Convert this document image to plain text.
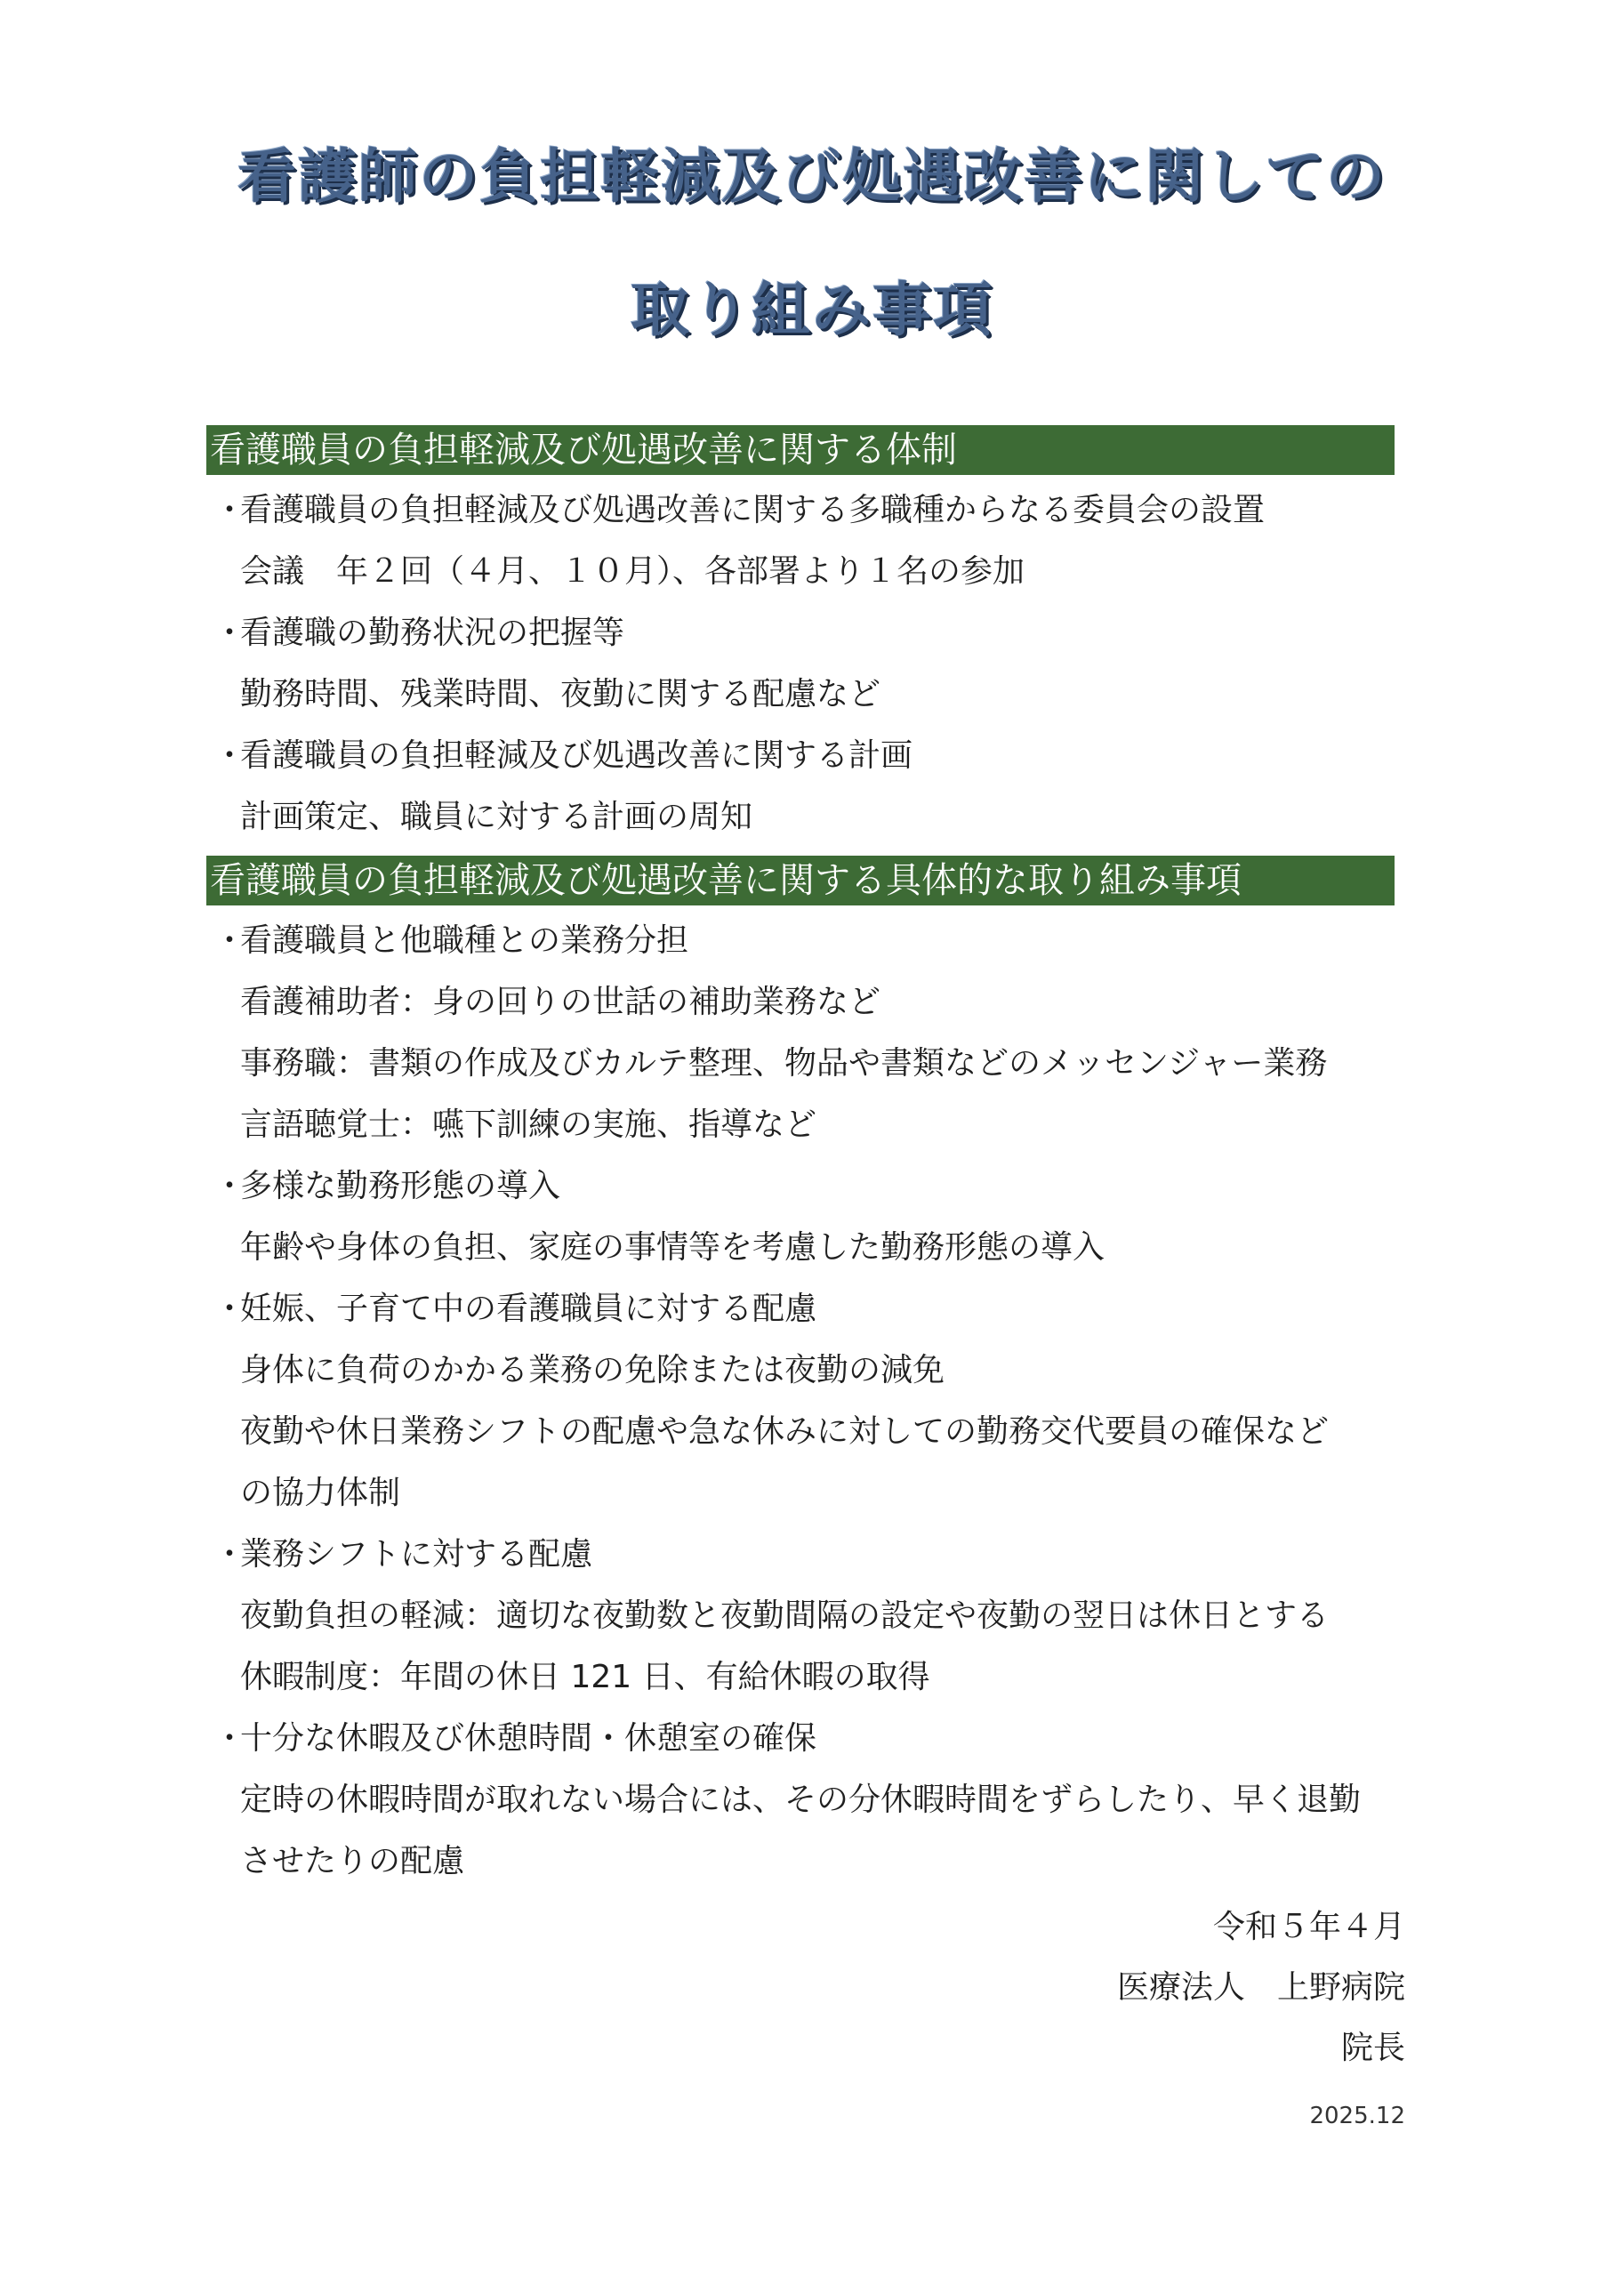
看護師の負担軽減及び処遇改善に関しての
取り組み事項
看護職員の負担軽減及び処遇改善に関する体制
・看護職員の負担軽減及び処遇改善に関する多職種からなる委員会の設置
会議　年２回（４月、１０月）、各部署より１名の参加
・看護職の勤務状況の把握等
勤務時間、残業時間、夜勤に関する配慮など
・看護職員の負担軽減及び処遇改善に関する計画
計画策定、職員に対する計画の周知
看護職員の負担軽減及び処遇改善に関する具体的な取り組み事項
・看護職員と他職種との業務分担
看護補助者：身の回りの世話の補助業務など
事務職：書類の作成及びカルテ整理、物品や書類などのメッセンジャー業務
言語聴覚士：嚥下訓練の実施、指導など
・多様な勤務形態の導入
年齢や身体の負担、家庭の事情等を考慮した勤務形態の導入
・妊娠、子育て中の看護職員に対する配慮
身体に負荷のかかる業務の免除または夜勤の減免
夜勤や休日業務シフトの配慮や急な休みに対しての勤務交代要員の確保など
の協力体制
・業務シフトに対する配慮
夜勤負担の軽減：適切な夜勤数と夜勤間隔の設定や夜勤の翌日は休日とする
休暇制度：年間の休日 121 日、有給休暇の取得
・十分な休暇及び休憩時間・休憩室の確保
定時の休暇時間が取れない場合には、その分休暇時間をずらしたり、早く退勤
させたりの配慮
令和５年４月
医療法人　上野病院
院長
2025.12
